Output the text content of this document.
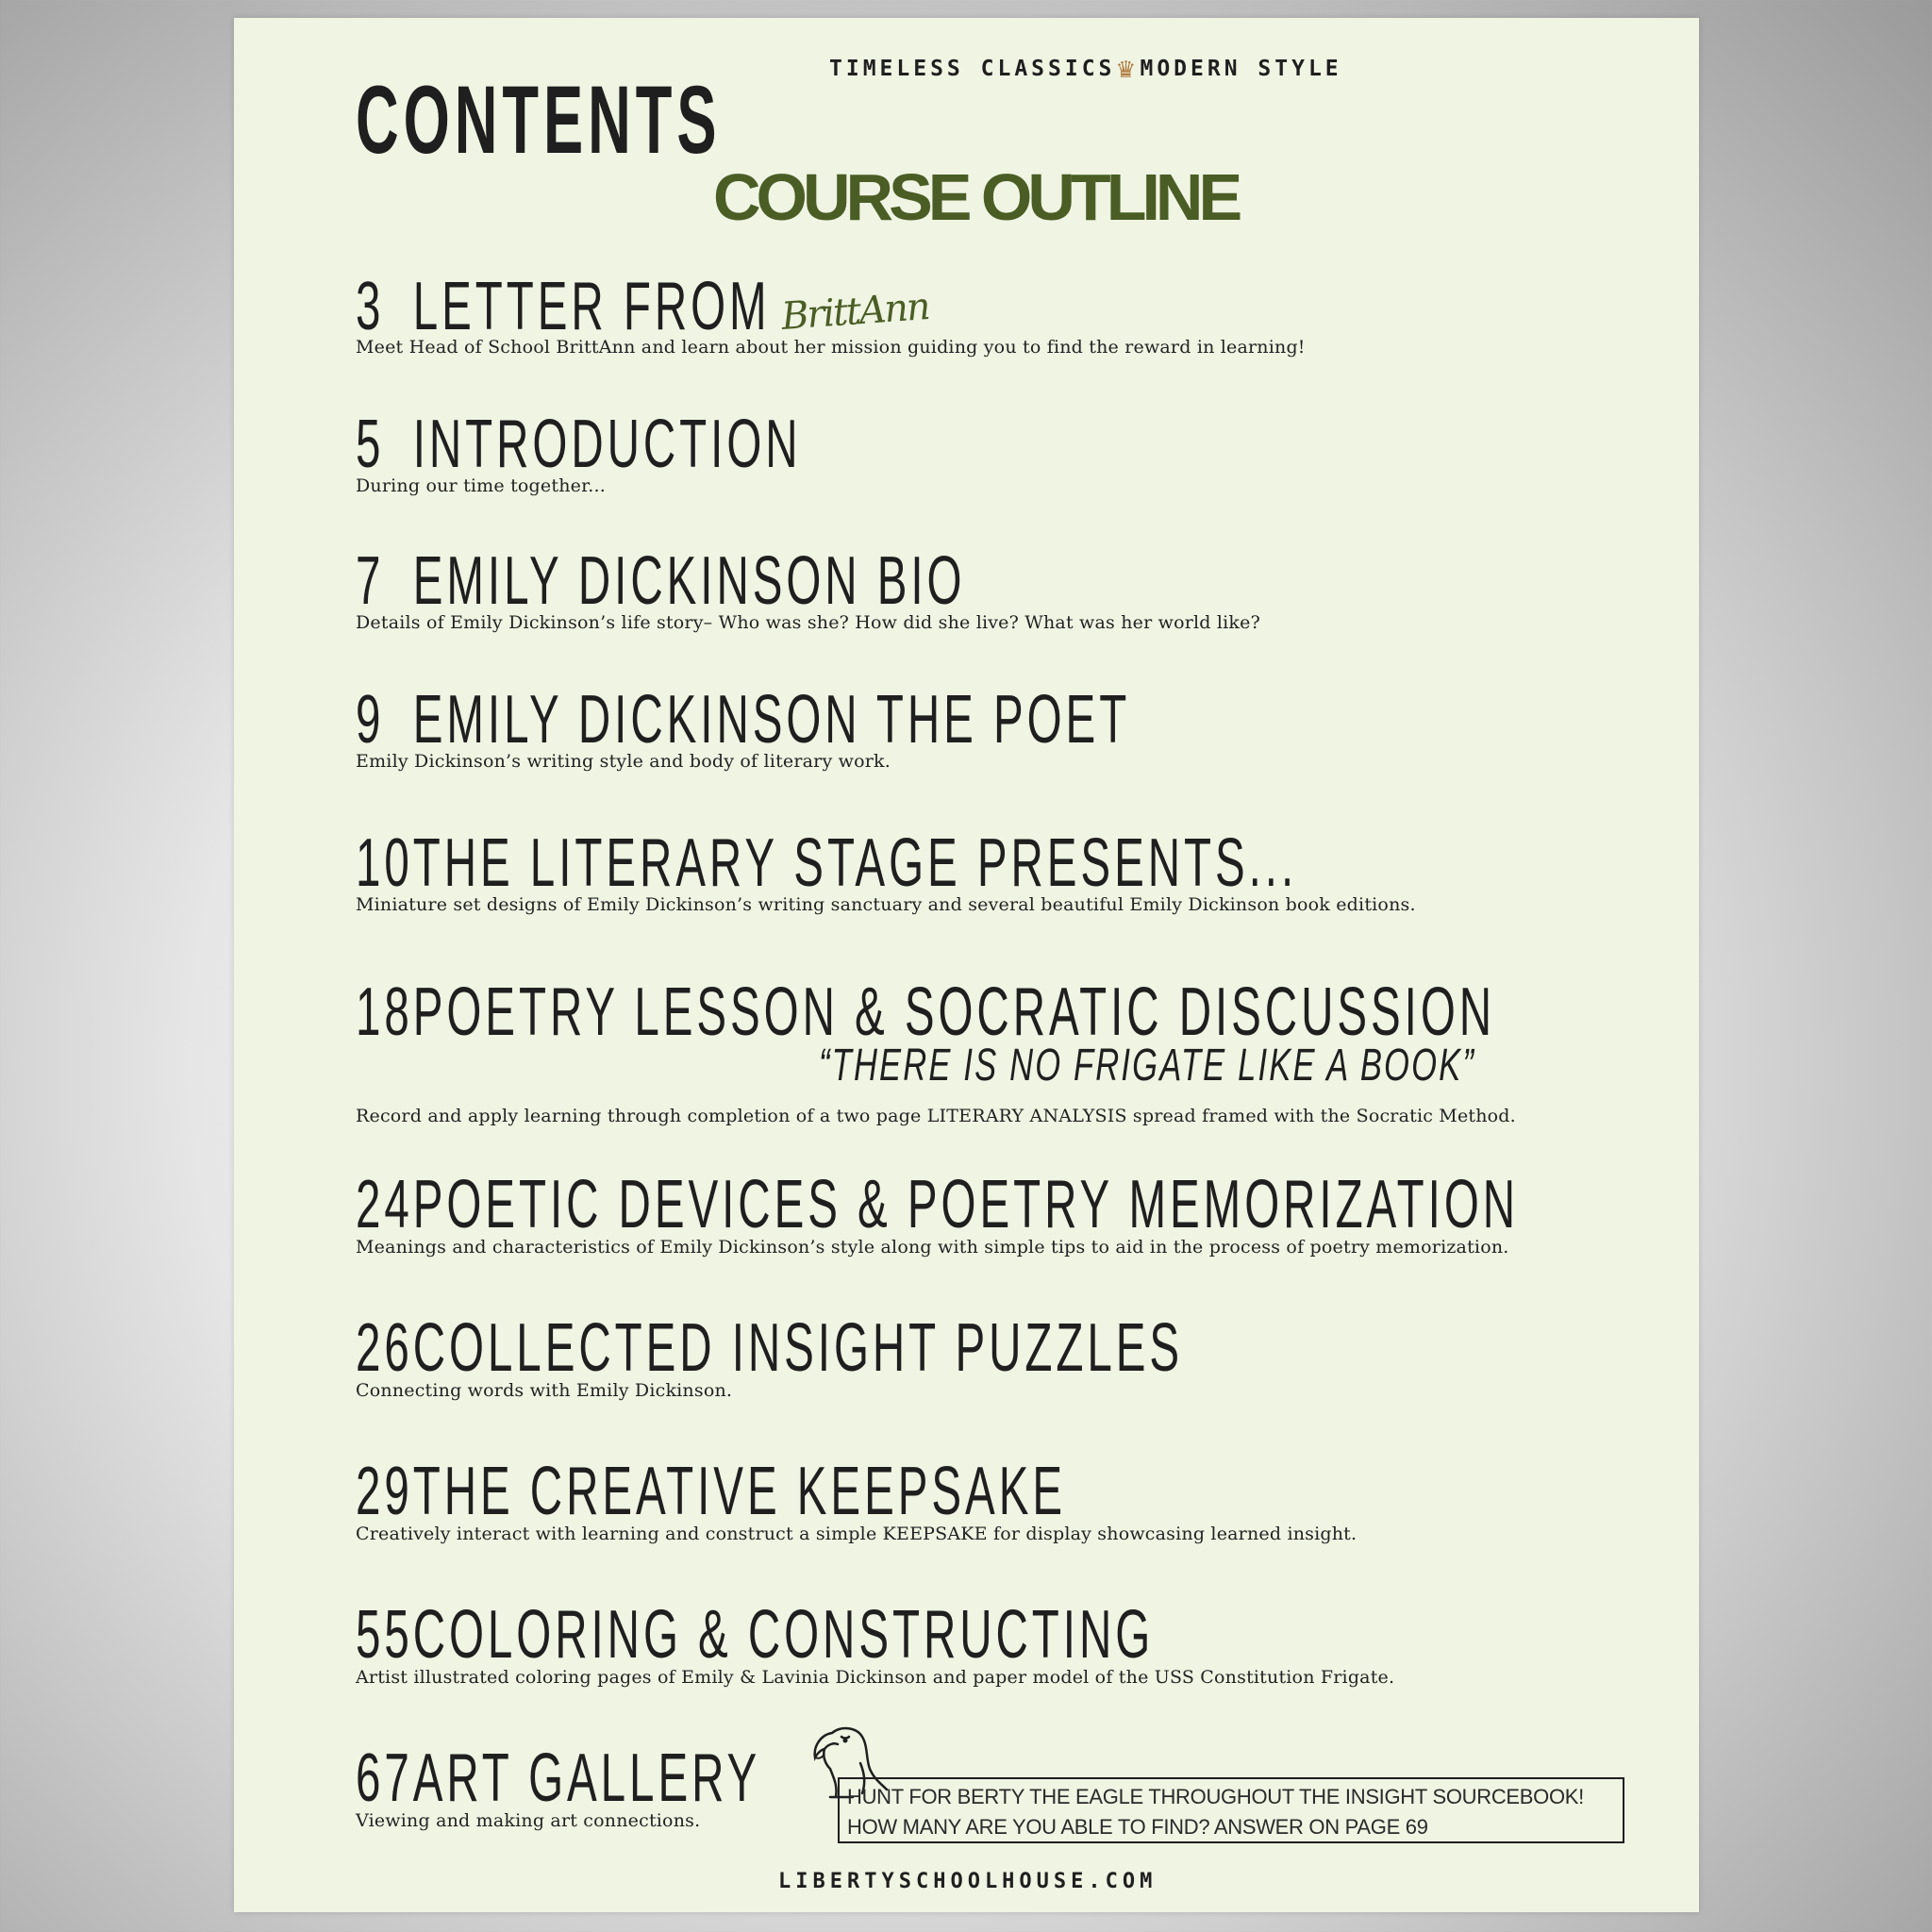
CONTENTS	TIMELESS CLASSICS♛MODERN STYLE
COURSE OUTLINE
3 LETTER FROM BrittAnn
Meet Head of School BrittAnn and learn about her mission guiding you to find the reward in learning!
5 INTRODUCTION
During our time together...
7 EMILY DICKINSON BIO
Details of Emily Dickinson’s life story– Who was she? How did she live? What was her world like?
9 EMILY DICKINSON THE POET
Emily Dickinson’s writing style and body of literary work.
10THE LITERARY STAGE PRESENTS...
Miniature set designs of Emily Dickinson’s writing sanctuary and several beautiful Emily Dickinson book editions.
18POETRY LESSON & SOCRATIC DISCUSSION
“THERE IS NO FRIGATE LIKE A BOOK”
Record and apply learning through completion of a two page LITERARY ANALYSIS spread framed with the Socratic Method.
24POETIC DEVICES & POETRY MEMORIZATION
Meanings and characteristics of Emily Dickinson’s style along with simple tips to aid in the process of poetry memorization.
26COLLECTED INSIGHT PUZZLES
Connecting words with Emily Dickinson.
29THE CREATIVE KEEPSAKE
Creatively interact with learning and construct a simple KEEPSAKE for display showcasing learned insight.
55COLORING & CONSTRUCTING
Artist illustrated coloring pages of Emily & Lavinia Dickinson and paper model of the USS Constitution Frigate.
67ART GALLERY
Viewing and making art connections.
HUNT FOR BERTY THE EAGLE THROUGHOUT THE INSIGHT SOURCEBOOK!
HOW MANY ARE YOU ABLE TO FIND? ANSWER ON PAGE 69
LIBERTYSCHOOLHOUSE.COM
